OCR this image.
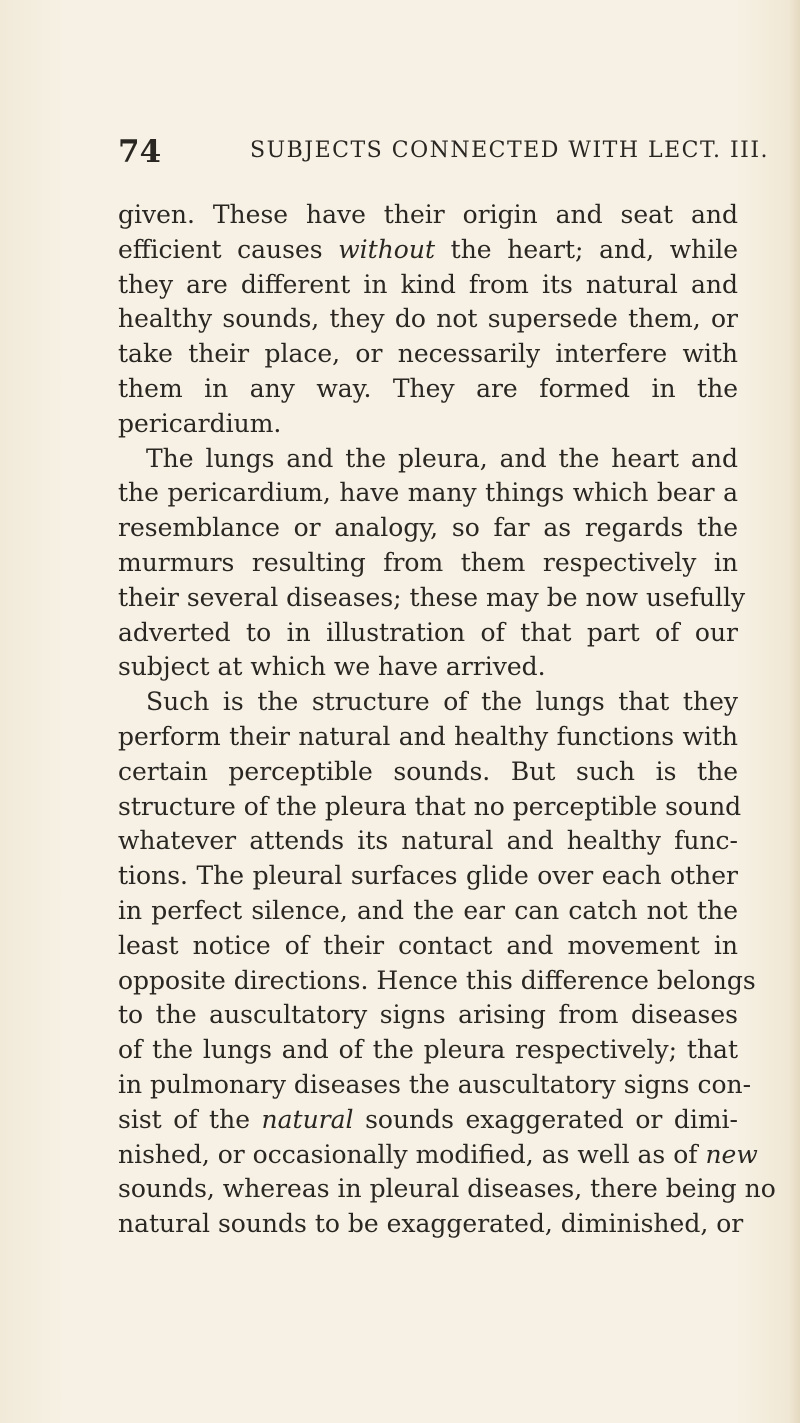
74	SUBJECTS CONNECTED WITH LECT. III.
given. These have their origin and seat and
efficient causes without the heart; and, while
they are different in kind from its natural and
healthy sounds, they do not supersede them, or
take their place, or necessarily interfere with
them in any way. They are formed in the
pericardium.
The lungs and the pleura, and the heart and
the pericardium, have many things which bear a
resemblance or analogy, so far as regards the
murmurs resulting from them respectively in
their several diseases; these may be now usefully
adverted to in illustration of that part of our
subject at which we have arrived.
Such is the structure of the lungs that they
perform their natural and healthy functions with
certain perceptible sounds. But such is the
structure of the pleura that no perceptible sound
whatever attends its natural and healthy func-
tions. The pleural surfaces glide over each other
in perfect silence, and the ear can catch not the
least notice of their contact and movement in
opposite directions. Hence this difference belongs
to the auscultatory signs arising from diseases
of the lungs and of the pleura respectively; that
in pulmonary diseases the auscultatory signs con-
sist of the natural sounds exaggerated or dimi-
nished, or occasionally modified, as well as of new
sounds, whereas in pleural diseases, there being no
natural sounds to be exaggerated, diminished, or
